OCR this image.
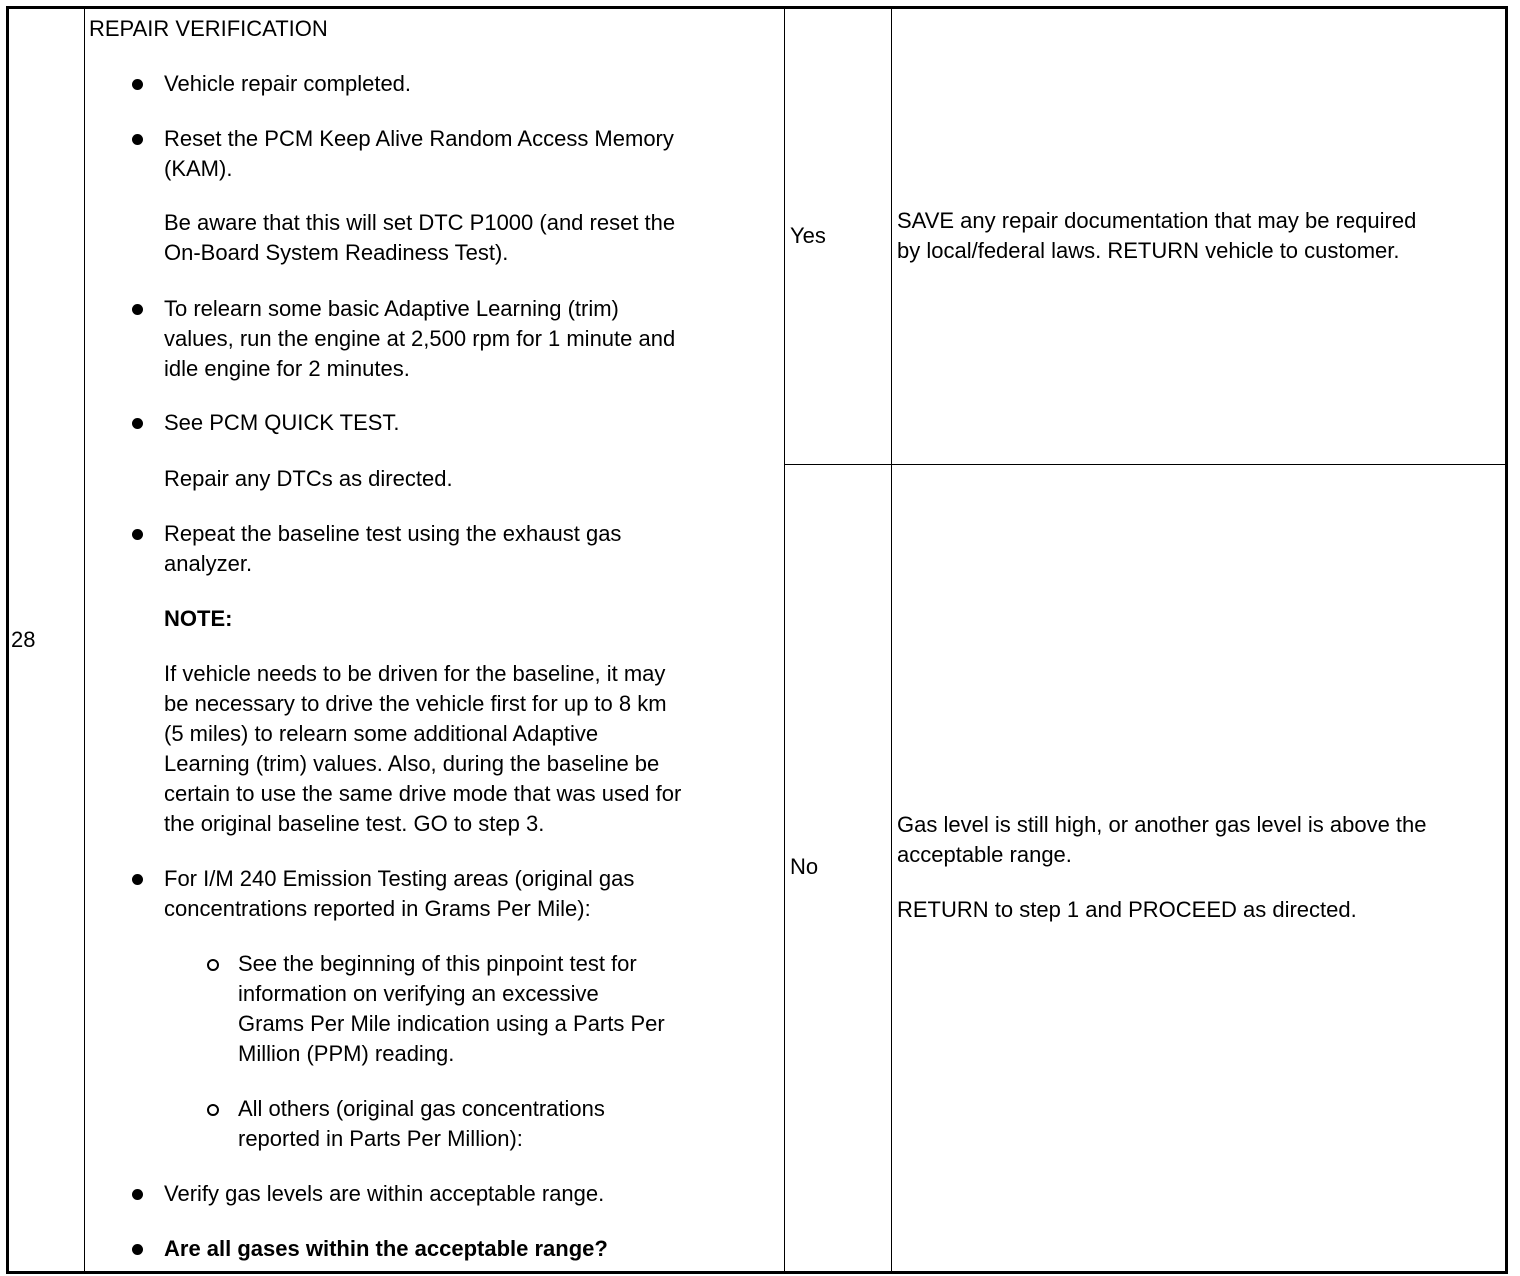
28
REPAIR VERIFICATION
Vehicle repair completed.
Reset the PCM Keep Alive Random Access Memory
(KAM).
Be aware that this will set DTC P1000 (and reset the
On-Board System Readiness Test).
To relearn some basic Adaptive Learning (trim)
values, run the engine at 2,500 rpm for 1 minute and
idle engine for 2 minutes.
See PCM QUICK TEST.
Repair any DTCs as directed.
Repeat the baseline test using the exhaust gas
analyzer.
NOTE:
If vehicle needs to be driven for the baseline, it may
be necessary to drive the vehicle first for up to 8 km
(5 miles) to relearn some additional Adaptive
Learning (trim) values. Also, during the baseline be
certain to use the same drive mode that was used for
the original baseline test. GO to step 3.
For I/M 240 Emission Testing areas (original gas
concentrations reported in Grams Per Mile):
See the beginning of this pinpoint test for
information on verifying an excessive
Grams Per Mile indication using a Parts Per
Million (PPM) reading.
All others (original gas concentrations
reported in Parts Per Million):
Verify gas levels are within acceptable range.
Are all gases within the acceptable range?
Yes
SAVE any repair documentation that may be required
by local/federal laws. RETURN vehicle to customer.
No
Gas level is still high, or another gas level is above the
acceptable range.
RETURN to step 1 and PROCEED as directed.
